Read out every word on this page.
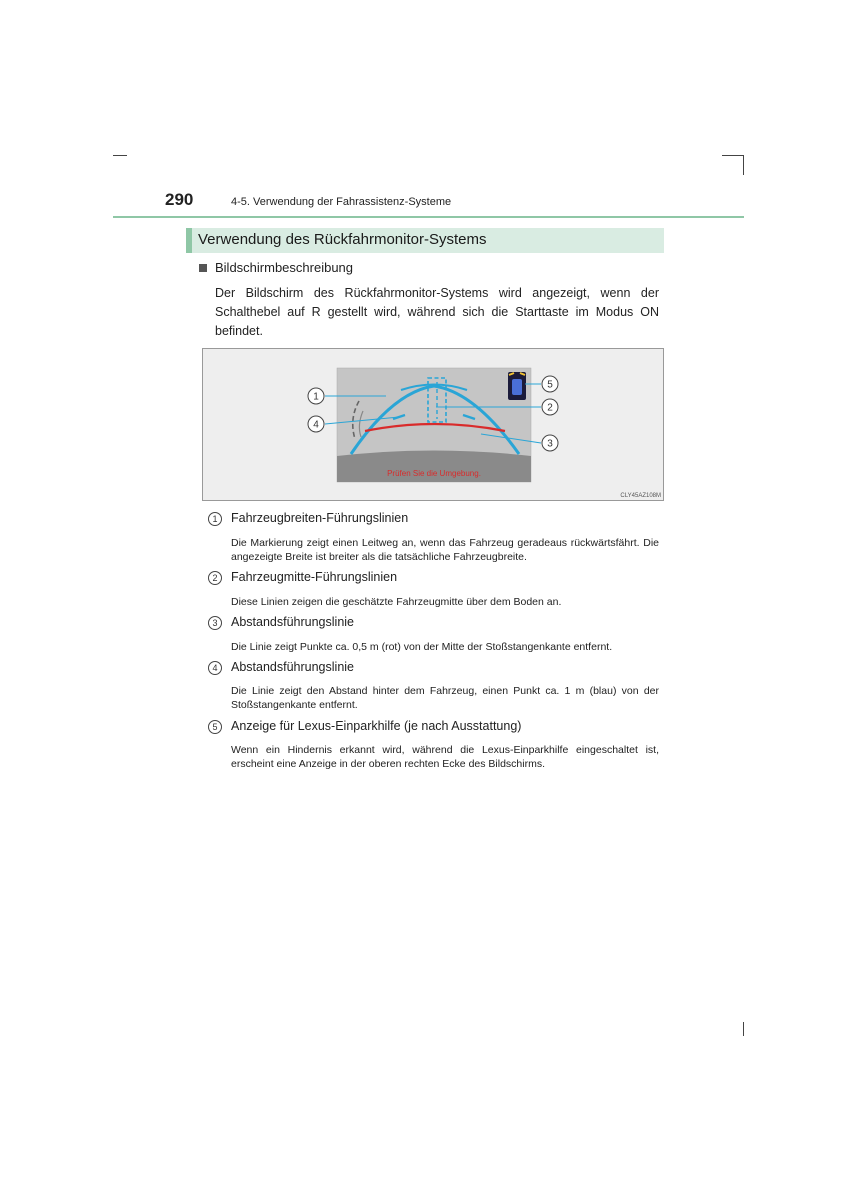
290	4-5. Verwendung der Fahrassistenz-Systeme
Verwendung des Rückfahrmonitor-Systems
Bildschirmbeschreibung
Der Bildschirm des Rückfahrmonitor-Systems wird angezeigt, wenn der Schalthebel auf R gestellt wird, während sich die Starttaste im Modus ON befindet.
Prüfen Sie die Umgebung.
1
4
5
2
3
CLY45AZ108M
1	Fahrzeugbreiten-Führungslinien
Die Markierung zeigt einen Leitweg an, wenn das Fahrzeug geradeaus rückwärtsfährt. Die angezeigte Breite ist breiter als die tatsächliche Fahrzeugbreite.
2	Fahrzeugmitte-Führungslinien
Diese Linien zeigen die geschätzte Fahrzeugmitte über dem Boden an.
3	Abstandsführungslinie
Die Linie zeigt Punkte ca. 0,5 m (rot) von der Mitte der Stoßstangenkante entfernt.
4	Abstandsführungslinie
Die Linie zeigt den Abstand hinter dem Fahrzeug, einen Punkt ca. 1 m (blau) von der Stoßstangenkante entfernt.
5	Anzeige für Lexus-Einparkhilfe (je nach Ausstattung)
Wenn ein Hindernis erkannt wird, während die Lexus-Einparkhilfe eingeschaltet ist, erscheint eine Anzeige in der oberen rechten Ecke des Bildschirms.
